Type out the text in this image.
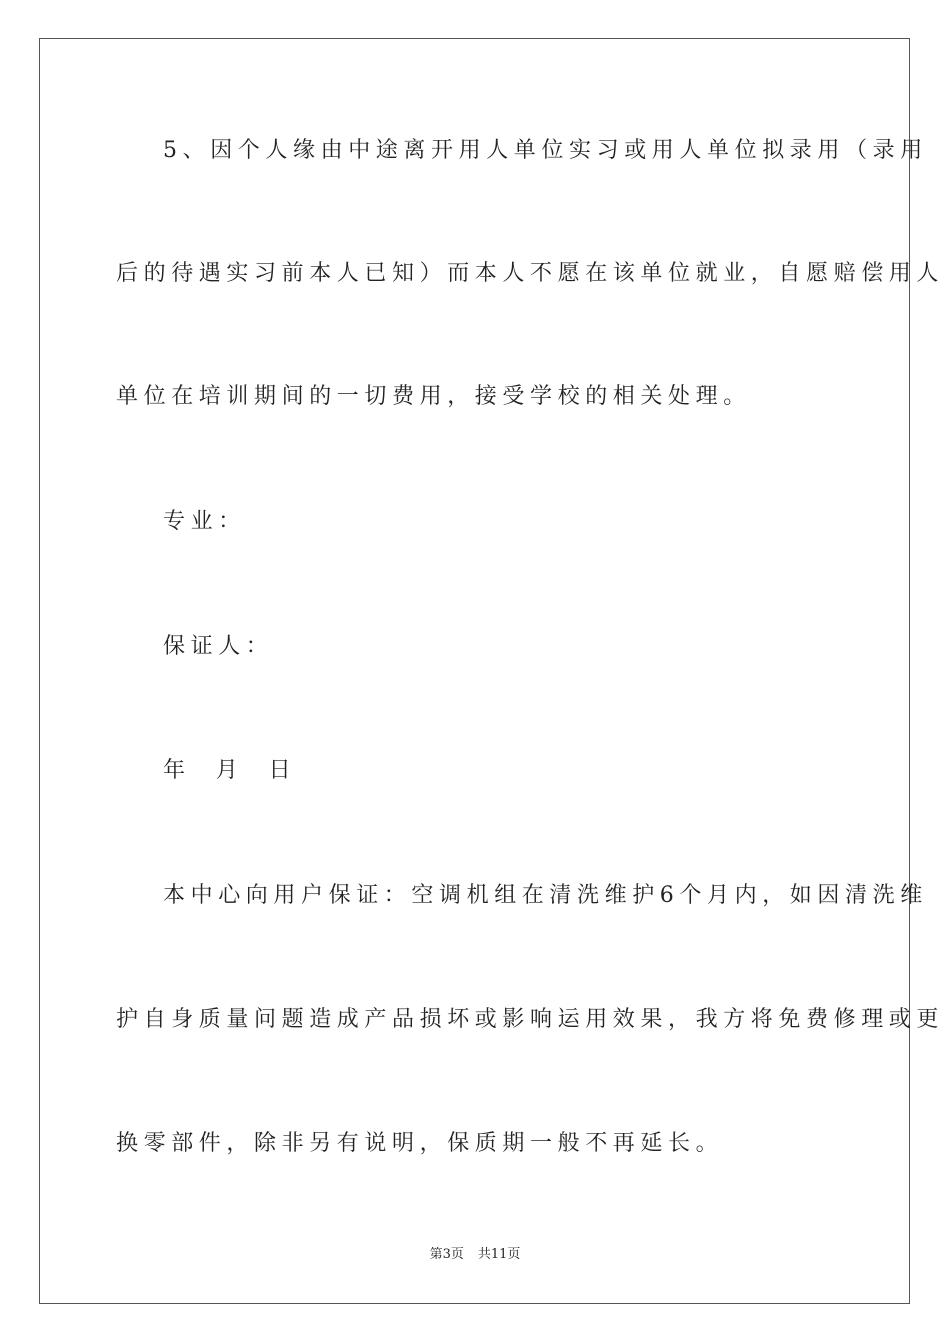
5、因个人缘由中途离开用人单位实习或用人单位拟录用（录用
后的待遇实习前本人已知）而本人不愿在该单位就业，自愿赔偿用人
单位在培训期间的一切费用，接受学校的相关处理。
专业：
保证人：
年  月  日
本中心向用户保证：空调机组在清洗维护6个月内，如因清洗维
护自身质量问题造成产品损坏或影响运用效果，我方将免费修理或更
换零部件，除非另有说明，保质期一般不再延长。
第3页 共11页
